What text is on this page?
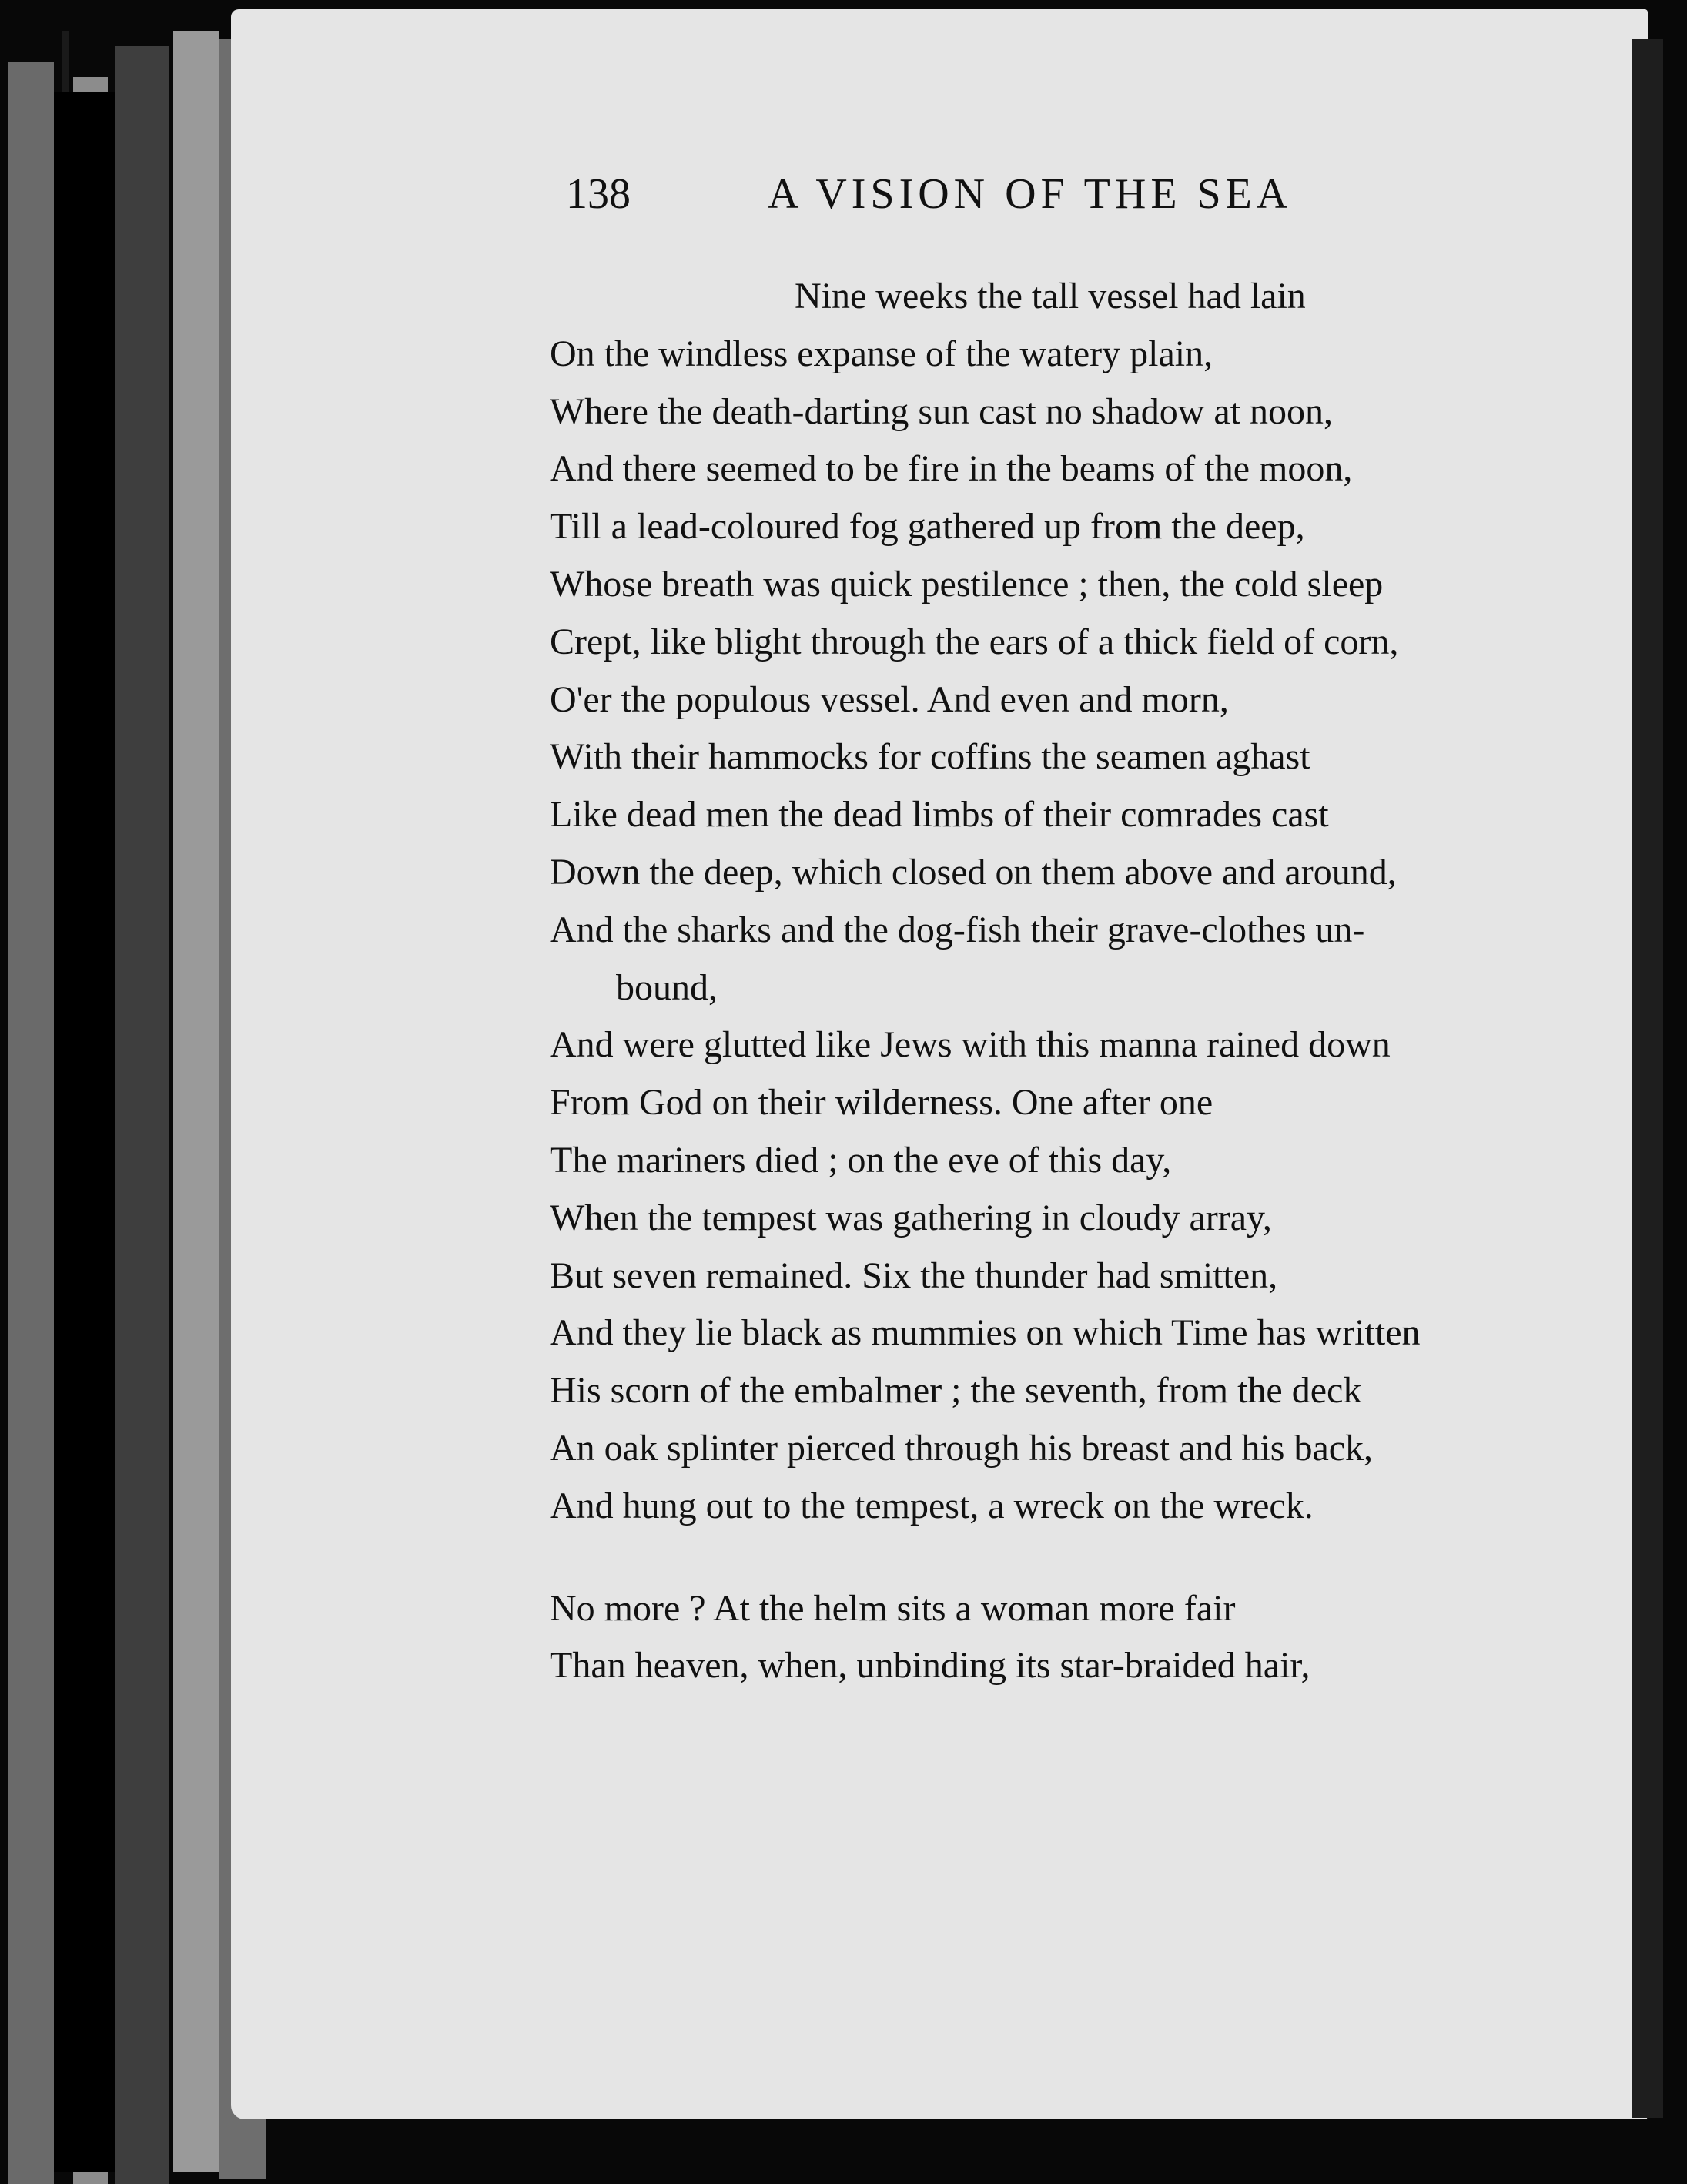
138	A VISION OF THE SEA
Nine weeks the tall vessel had lain
On the windless expanse of the watery plain,
Where the death-darting sun cast no shadow at noon,
And there seemed to be fire in the beams of the moon,
Till a lead-coloured fog gathered up from the deep,
Whose breath was quick pestilence ; then, the cold sleep
Crept, like blight through the ears of a thick field of corn,
O'er the populous vessel. And even and morn,
With their hammocks for coffins the seamen aghast
Like dead men the dead limbs of their comrades cast
Down the deep, which closed on them above and around,
And the sharks and the dog-fish their grave-clothes un-
bound,
And were glutted like Jews with this manna rained down
From God on their wilderness. One after one
The mariners died ; on the eve of this day,
When the tempest was gathering in cloudy array,
But seven remained. Six the thunder had smitten,
And they lie black as mummies on which Time has written
His scorn of the embalmer ; the seventh, from the deck
An oak splinter pierced through his breast and his back,
And hung out to the tempest, a wreck on the wreck.
No more ? At the helm sits a woman more fair
Than heaven, when, unbinding its star-braided hair,
